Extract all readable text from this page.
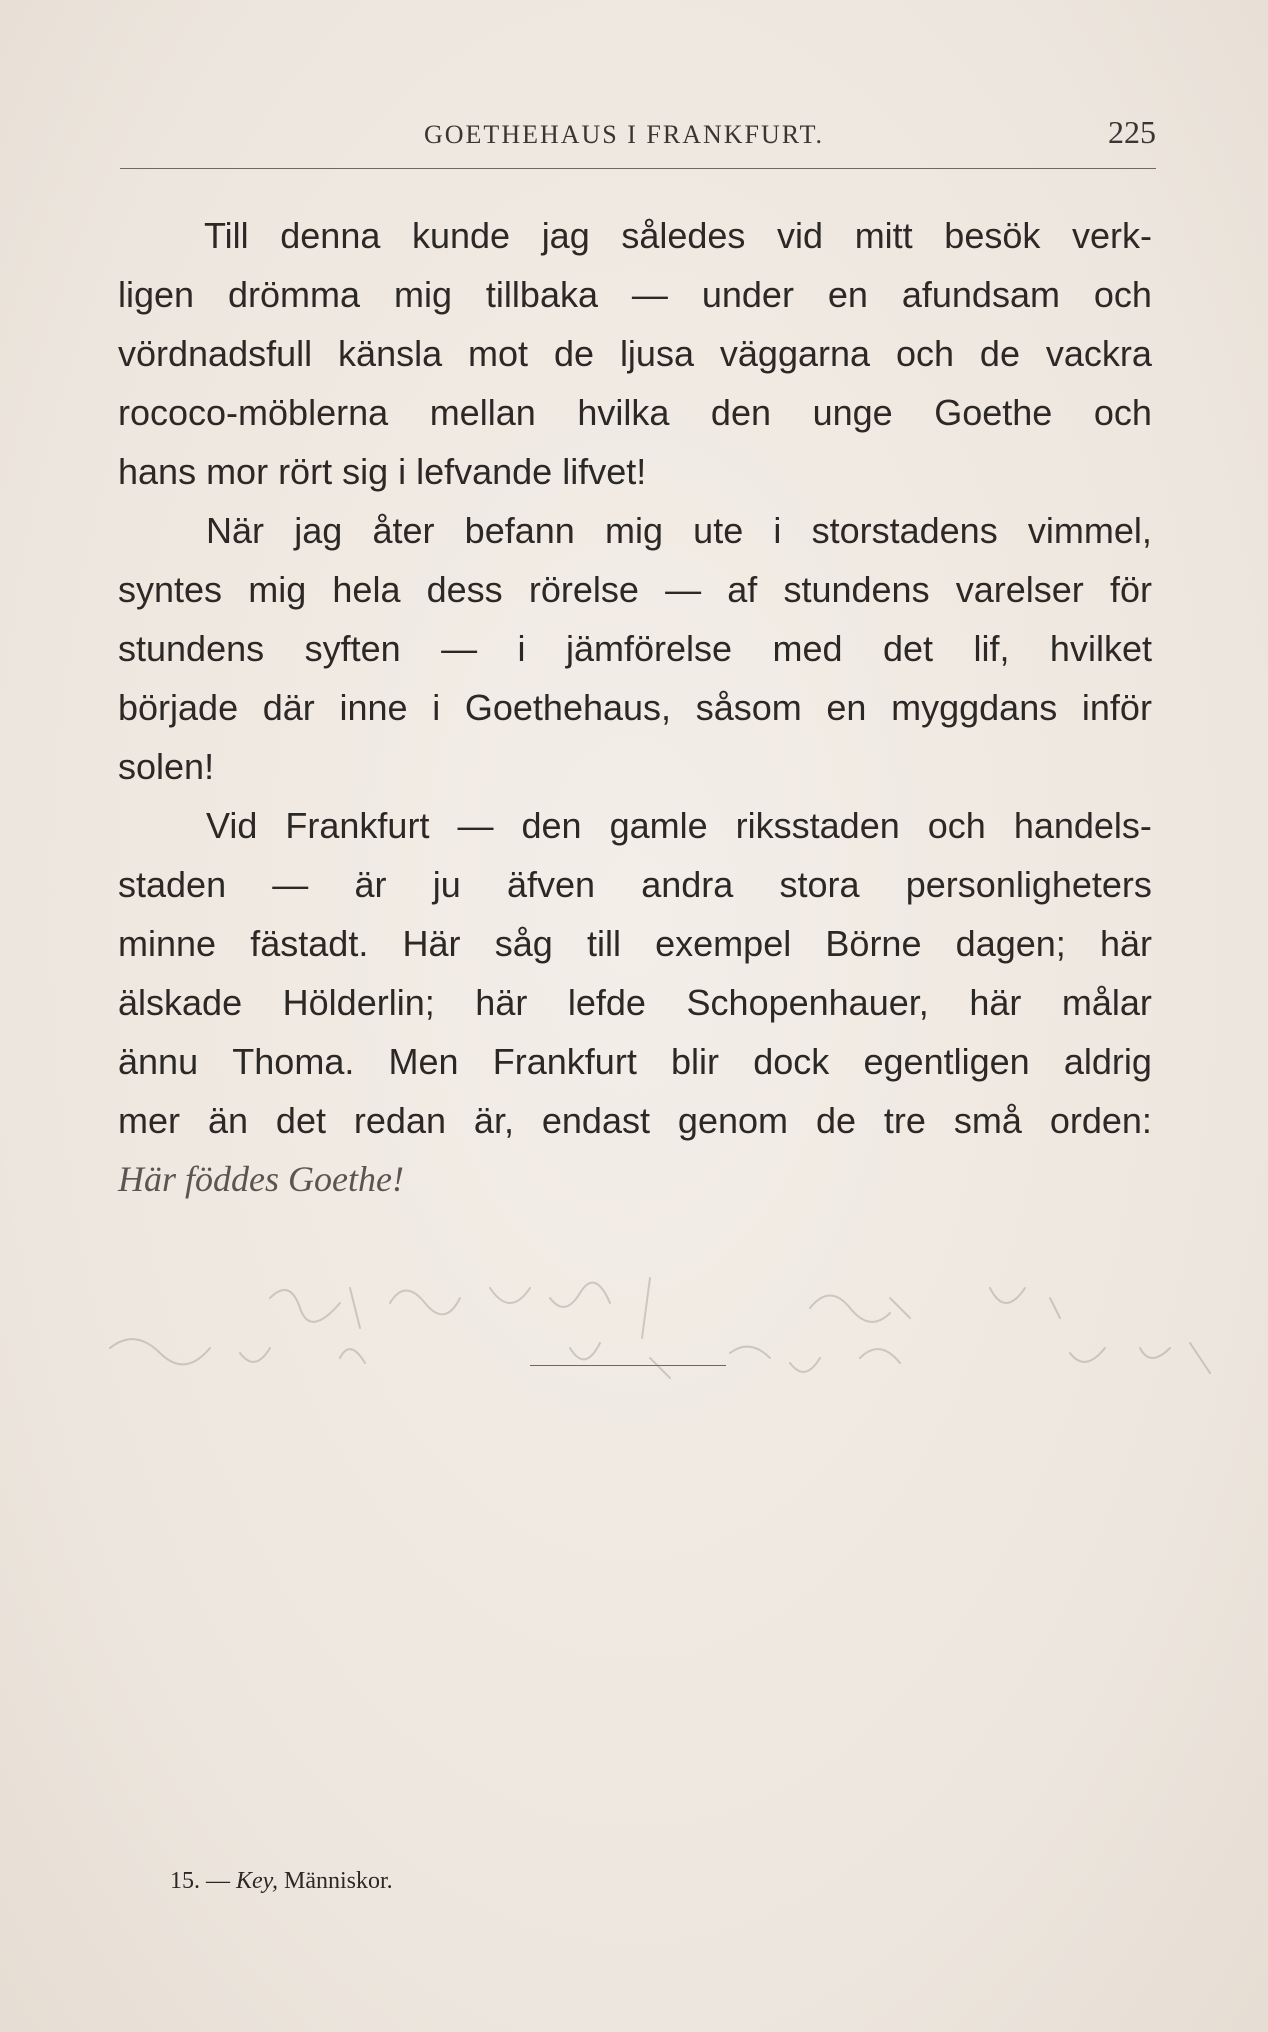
GOETHEHAUS I FRANKFURT.	225
Till denna kunde jag således vid mitt besök verk-
ligen drömma mig tillbaka — under en afundsam och
vördnadsfull känsla mot de ljusa väggarna och de vackra
rococo-möblerna mellan hvilka den unge Goethe och
hans mor rört sig i lefvande lifvet!
När jag åter befann mig ute i storstadens vimmel,
syntes mig hela dess rörelse — af stundens varelser för
stundens syften — i jämförelse med det lif, hvilket
började där inne i Goethehaus, såsom en myggdans inför
solen!
Vid Frankfurt — den gamle riksstaden och handels-
staden — är ju äfven andra stora personligheters
minne fästadt. Här såg till exempel Börne dagen; här
älskade Hölderlin; här lefde Schopenhauer, här målar
ännu Thoma. Men Frankfurt blir dock egentligen aldrig
mer än det redan är, endast genom de tre små orden:
Här föddes Goethe!
15. — Key, Människor.
